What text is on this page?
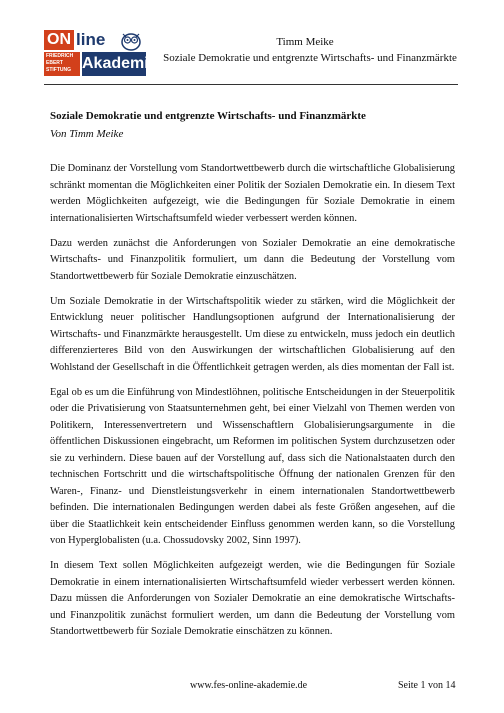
ON line
FRIEDRICH EBERT STIFTUNG Akademie
Timm Meike
Soziale Demokratie und entgrenzte Wirtschafts- und Finanzmärkte
Soziale Demokratie und entgrenzte Wirtschafts- und Finanzmärkte
Von Timm Meike

Die Dominanz der Vorstellung vom Standortwettbewerb durch die wirtschaftliche Globalisierung schränkt momentan die Möglichkeiten einer Politik der Sozialen Demokratie ein. In diesem Text werden Möglichkeiten aufgezeigt, wie die Bedingungen für Soziale Demokratie in einem internationalisierten Wirtschaftsumfeld wieder verbessert werden können.

Dazu werden zunächst die Anforderungen von Sozialer Demokratie an eine demokratische Wirtschafts- und Finanzpolitik formuliert, um dann die Bedeutung der Vorstellung vom Standortwettbewerb für Soziale Demokratie einzuschätzen.

Um Soziale Demokratie in der Wirtschaftspolitik wieder zu stärken, wird die Möglichkeit der Entwicklung neuer politischer Handlungsoptionen aufgrund der Internationalisierung der Wirtschafts- und Finanzmärkte herausgestellt. Um diese zu entwickeln, muss jedoch ein deutlich differenzierteres Bild von den Auswirkungen der wirtschaftlichen Globalisierung auf den Wohlstand der Gesellschaft in die Öffentlichkeit getragen werden, als dies momentan der Fall ist.

Egal ob es um die Einführung von Mindestlöhnen, politische Entscheidungen in der Steuerpolitik oder die Privatisierung von Staatsunternehmen geht, bei einer Vielzahl von Themen werden von Politikern, Interessenvertretern und Wissenschaftlern Globalisierungsargumente in die öffentlichen Diskussionen eingebracht, um Reformen im politischen System durchzusetzen oder sie zu verhindern. Diese bauen auf der Vorstellung auf, dass sich die Nationalstaaten durch den technischen Fortschritt und die wirtschaftspolitische Öffnung der nationalen Grenzen für den Waren-, Finanz- und Dienstleistungsverkehr in einem internationalen Standortwettbewerb befinden. Die internationalen Bedingungen werden dabei als feste Größen angesehen, auf die über die Staatlichkeit kein entscheidender Einfluss genommen werden kann, so die Vorstellung von Hyperglobalisten (u.a. Chossudovsky 2002, Sinn 1997).

In diesem Text sollen Möglichkeiten aufgezeigt werden, wie die Bedingungen für Soziale Demokratie in einem internationalisierten Wirtschaftsumfeld wieder verbessert werden können. Dazu müssen die Anforderungen von Sozialer Demokratie an eine demokratische Wirtschafts- und Finanzpolitik zunächst formuliert werden, um dann die Bedeutung der Vorstellung vom Standortwettbewerb für Soziale Demokratie einschätzen zu können.

www.fes-online-akademie.de	Seite 1 von 14
